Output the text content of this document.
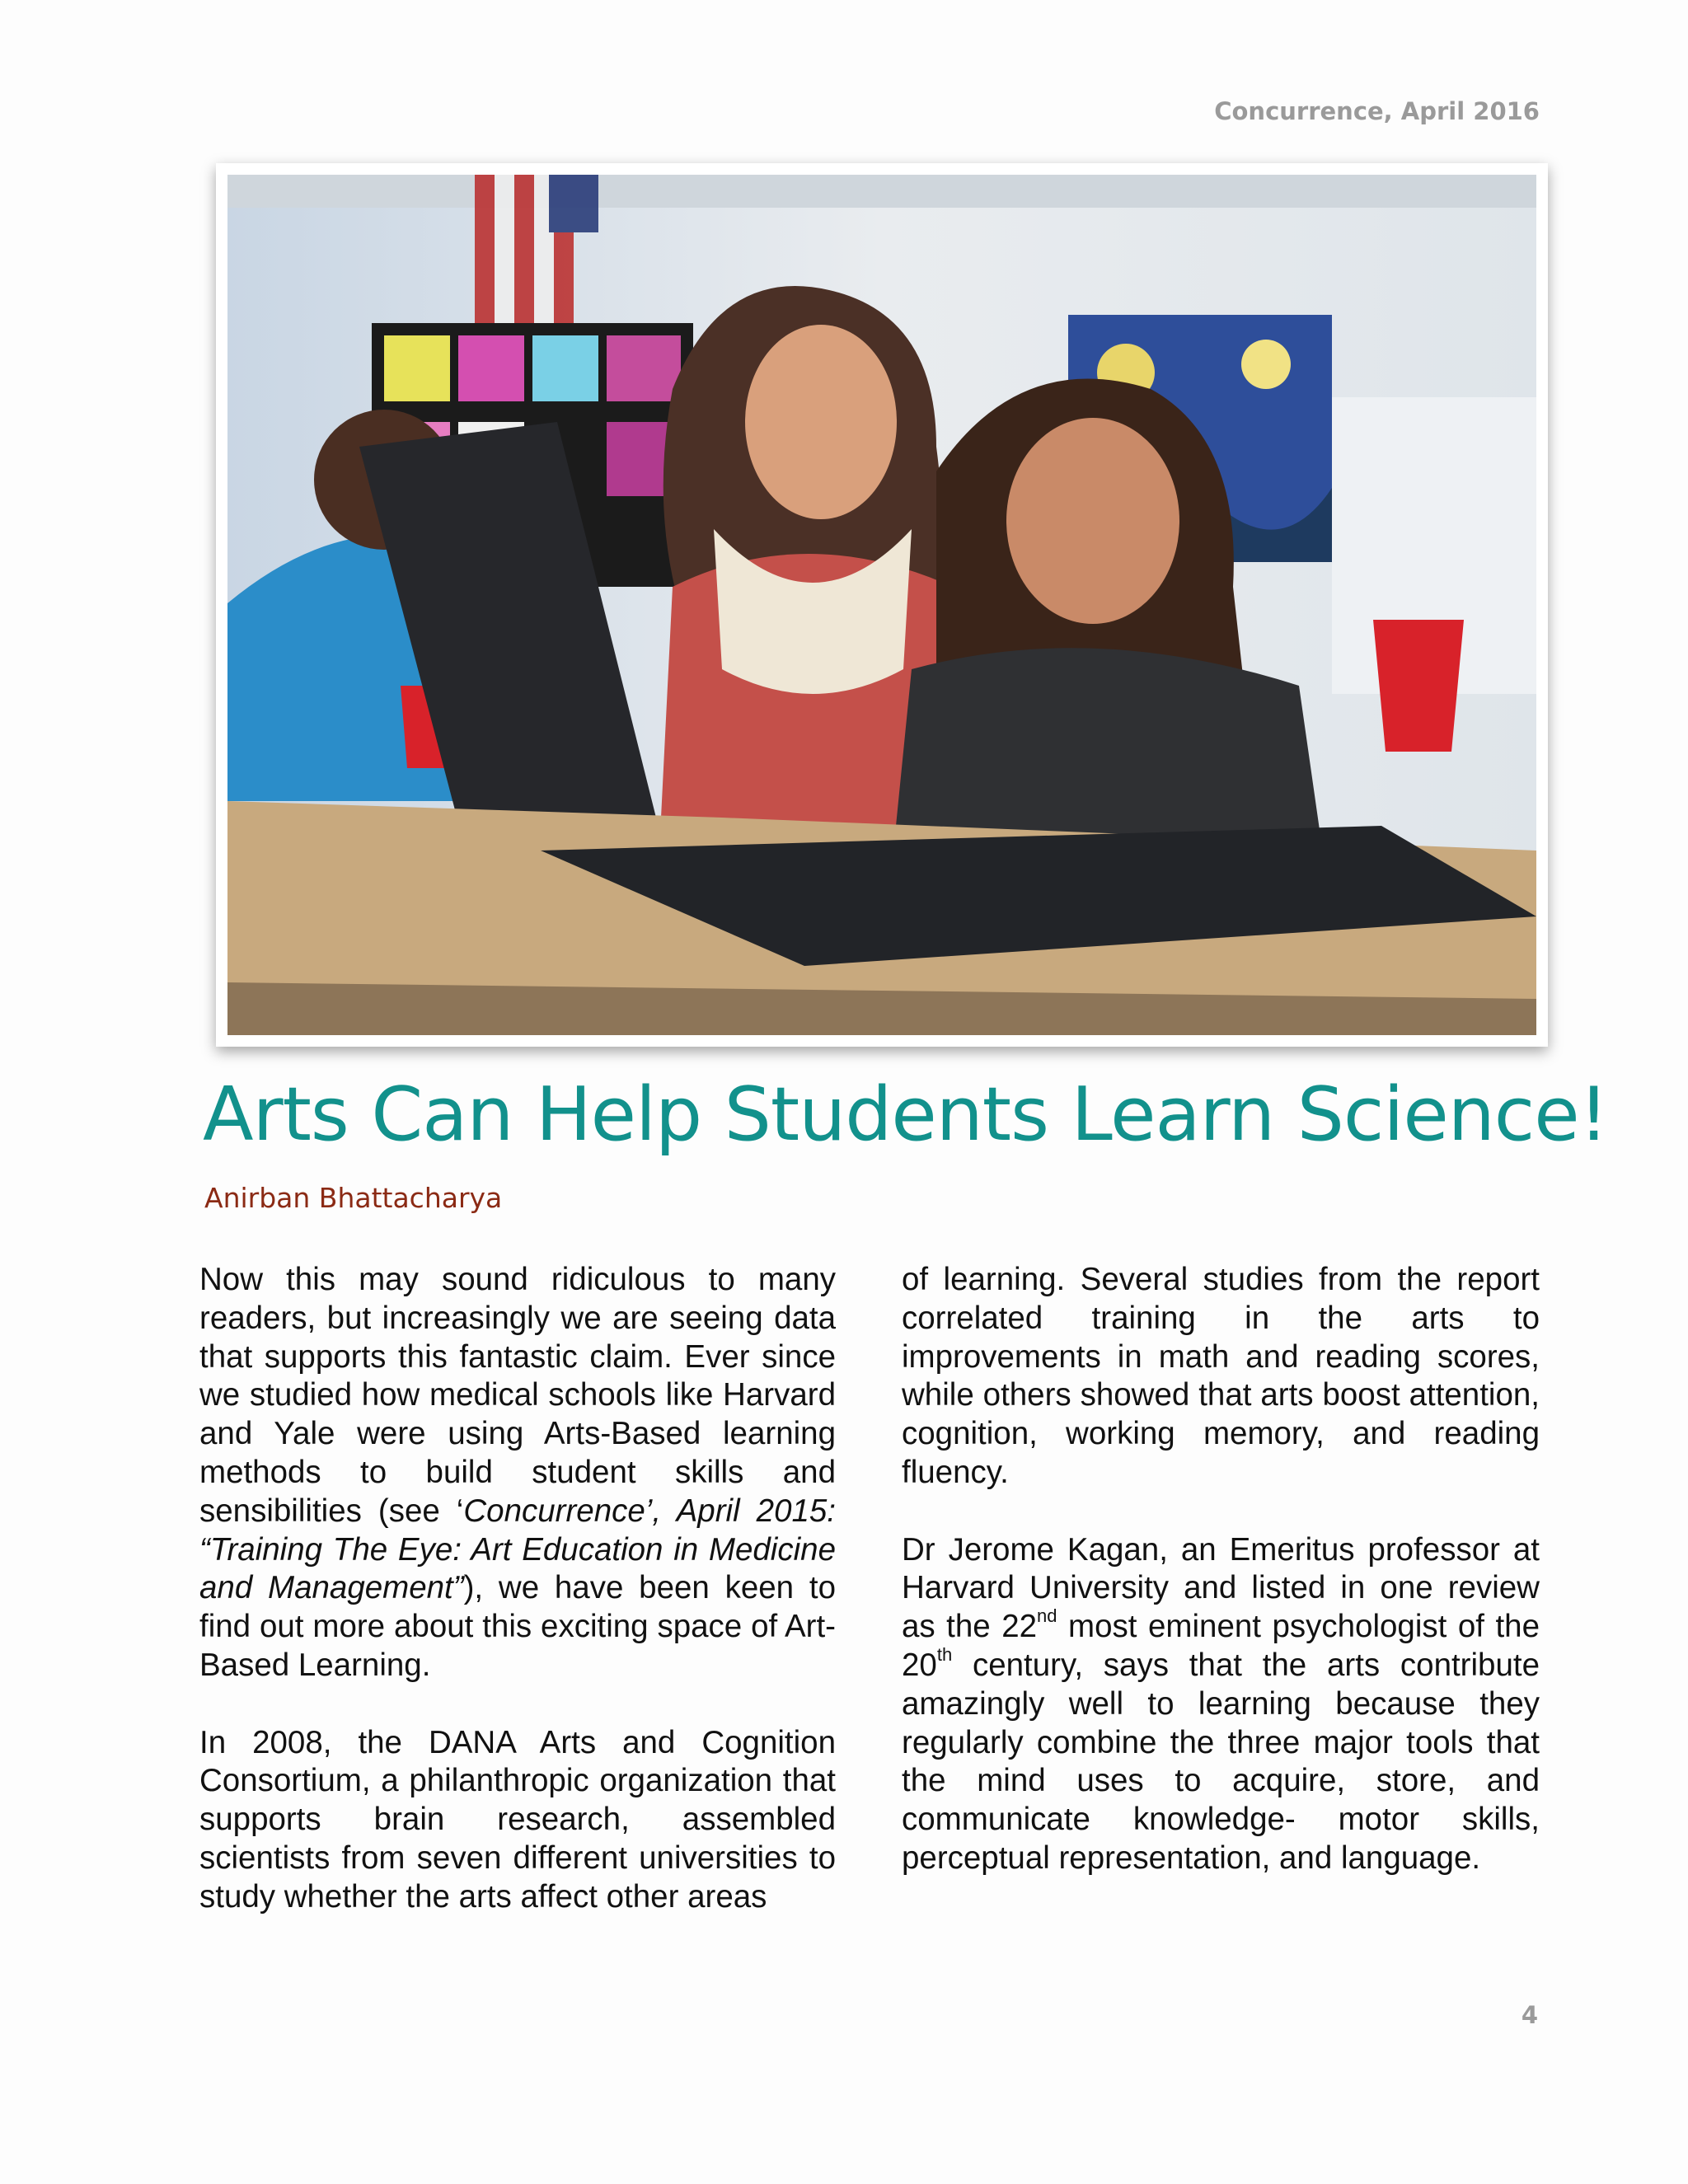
Concurrence, April 2016
Arts Can Help Students Learn Science!
Anirban Bhattacharya

Now this may sound ridiculous to many readers, but increasingly we are seeing data that supports this fantastic claim. Ever since we studied how medical schools like Harvard and Yale were using Arts-Based learning methods to build student skills and sensibilities (see ‘Concurrence’, April 2015: “Training The Eye: Art Education in Medicine and Management”), we have been keen to find out more about this exciting space of Art-Based Learning.

In 2008, the DANA Arts and Cognition Consortium, a philanthropic organization that supports brain research, assembled scientists from seven different universities to study whether the arts affect other areas

of learning. Several studies from the report correlated training in the arts to improvements in math and reading scores, while others showed that arts boost attention, cognition, working memory, and reading fluency.

Dr Jerome Kagan, an Emeritus professor at Harvard University and listed in one review as the 22nd most eminent psychologist of the 20th century, says that the arts contribute amazingly well to learning because they regularly combine the three major tools that the mind uses to acquire, store, and communicate knowledge- motor skills, perceptual representation, and language.

4
